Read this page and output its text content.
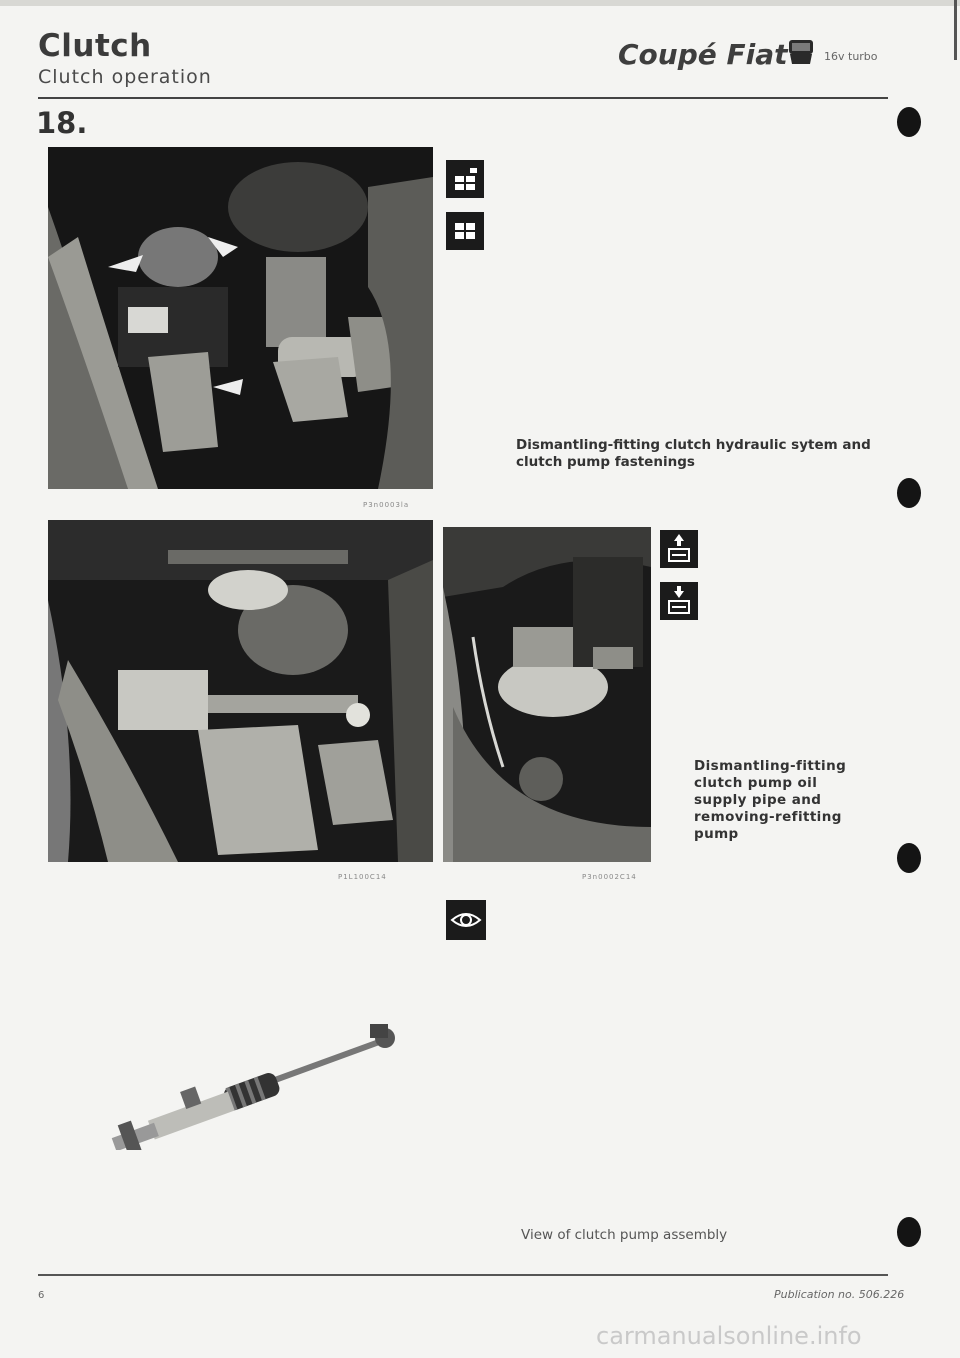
Clutch
Clutch operation
Coupé Fiat	16v turbo
18.
P3n0003la
Dismantling-fitting clutch hydraulic sytem and clutch pump fastenings
P1L100C14	P3n0002C14
Dismantling-fitting clutch pump oil supply pipe and removing-refitting pump
View of clutch pump assembly
6	Publication no. 506.226
carmanualsonline.info
